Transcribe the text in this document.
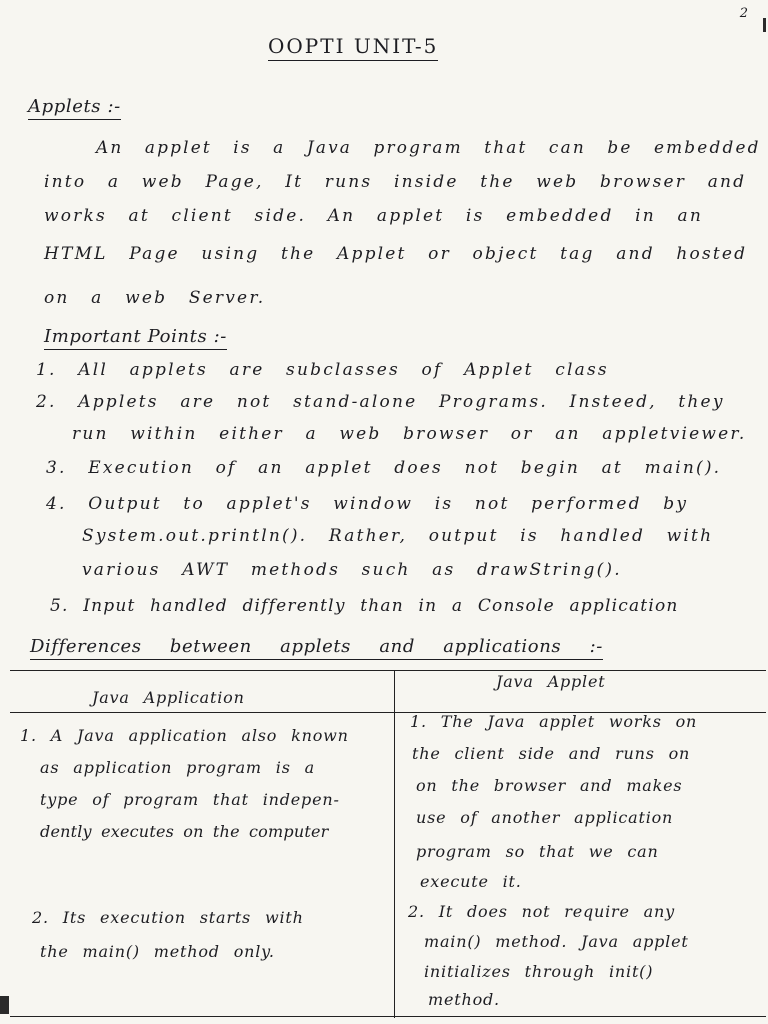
2
OOPTI UNIT-5
Applets :-
An applet is a Java program that can be embedded
into a web Page, It runs inside the web browser and
works at client side. An applet is embedded in an
HTML Page using the Applet or object tag and hosted
on a web Server.
Important Points :-
1. All applets are subclasses of Applet class
2. Applets are not stand-alone Programs. Insteed, they
run within either a web browser or an appletviewer.
3. Execution of an applet does not begin at main().
4. Output to applet's window is not performed by
System.out.println(). Rather, output is handled with
various AWT methods such as drawString().
5. Input handled differently than in a Console application
Differences between applets and applications :-
Java Application
Java Applet
1. A Java application also known
as application program is a
type of program that indepen-
dently executes on the computer
2. Its execution starts with
the main() method only.
1. The Java applet works on
the client side and runs on
on the browser and makes
use of another application
program so that we can
execute it.
2. It does not require any
main() method. Java applet
initializes through init()
method.
